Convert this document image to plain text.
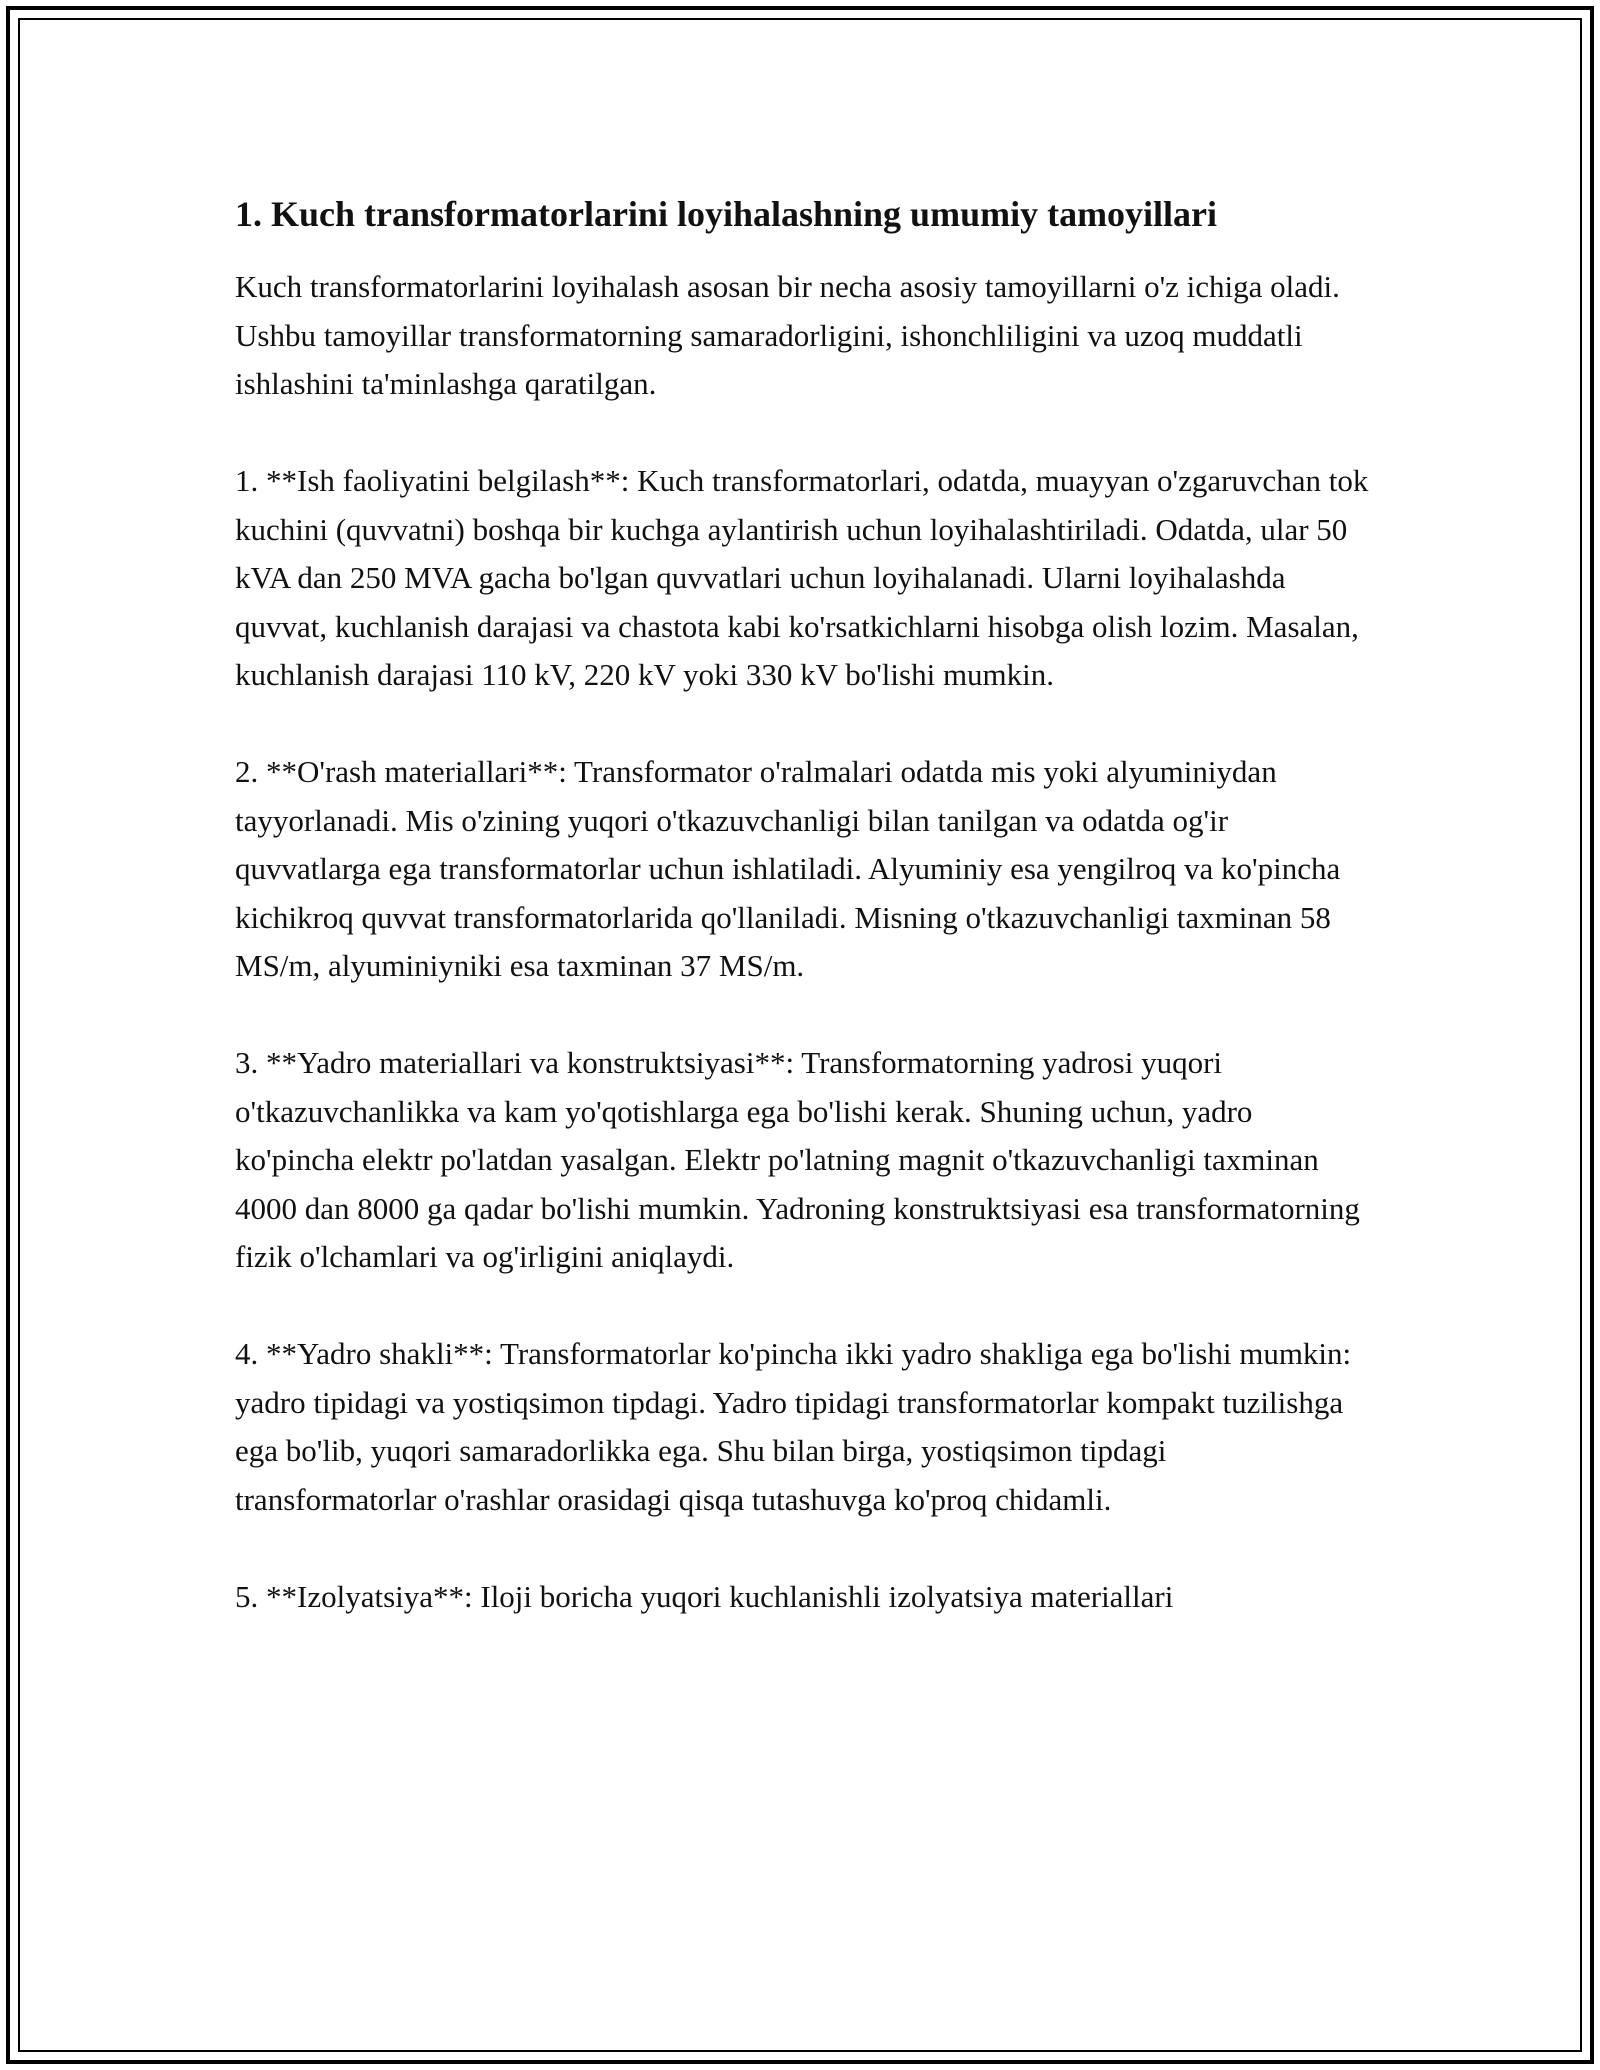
1. Kuch transformatorlarini loyihalashning umumiy tamoyillari

Kuch transformatorlarini loyihalash asosan bir necha asosiy tamoyillarni o'z ichiga oladi. Ushbu tamoyillar transformatorning samaradorligini, ishonchliligini va uzoq muddatli ishlashini ta'minlashga qaratilgan.

1. **Ish faoliyatini belgilash**: Kuch transformatorlari, odatda, muayyan o'zgaruvchan tok kuchini (quvvatni) boshqa bir kuchga aylantirish uchun loyihalashtiriladi. Odatda, ular 50 kVA dan 250 MVA gacha bo'lgan quvvatlari uchun loyihalanadi. Ularni loyihalashda quvvat, kuchlanish darajasi va chastota kabi ko'rsatkichlarni hisobga olish lozim. Masalan, kuchlanish darajasi 110 kV, 220 kV yoki 330 kV bo'lishi mumkin.

2. **O'rash materiallari**: Transformator o'ralmalari odatda mis yoki alyuminiydan tayyorlanadi. Mis o'zining yuqori o'tkazuvchanligi bilan tanilgan va odatda og'ir quvvatlarga ega transformatorlar uchun ishlatiladi. Alyuminiy esa yengilroq va ko'pincha kichikroq quvvat transformatorlarida qo'llaniladi. Misning o'tkazuvchanligi taxminan 58 MS/m, alyuminiyniki esa taxminan 37 MS/m.

3. **Yadro materiallari va konstruktsiyasi**: Transformatorning yadrosi yuqori o'tkazuvchanlikka va kam yo'qotishlarga ega bo'lishi kerak. Shuning uchun, yadro ko'pincha elektr po'latdan yasalgan. Elektr po'latning magnit o'tkazuvchanligi taxminan 4000 dan 8000 ga qadar bo'lishi mumkin. Yadroning konstruktsiyasi esa transformatorning fizik o'lchamlari va og'irligini aniqlaydi.

4. **Yadro shakli**: Transformatorlar ko'pincha ikki yadro shakliga ega bo'lishi mumkin: yadro tipidagi va yostiqsimon tipdagi. Yadro tipidagi transformatorlar kompakt tuzilishga ega bo'lib, yuqori samaradorlikka ega. Shu bilan birga, yostiqsimon tipdagi transformatorlar o'rashlar orasidagi qisqa tutashuvga ko'proq chidamli.

5. **Izolyatsiya**: Iloji boricha yuqori kuchlanishli izolyatsiya materiallari
